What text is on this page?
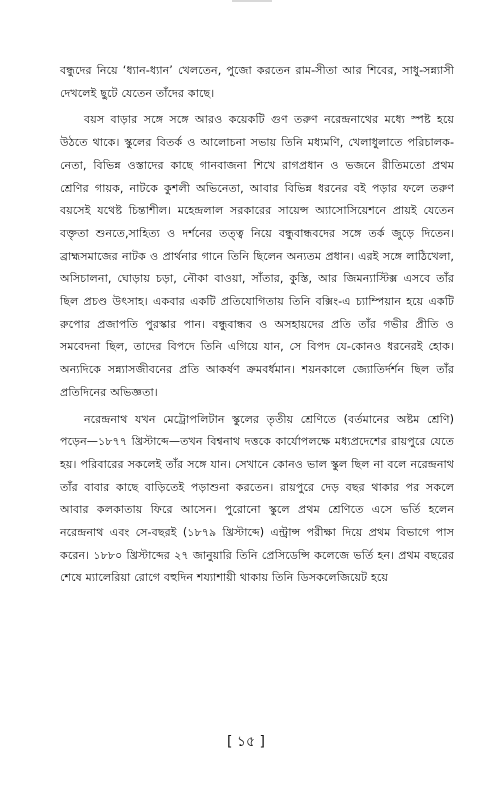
বন্ধুদের নিয়ে ‘ধ্যান-ধ্যান’ খেলতেন, পুজো করতেন রাম-সীতা আর শিবের, সাধু-সন্ন্যাসী দেখলেই ছুটে যেতেন তাঁদের কাছে।

বয়স বাড়ার সঙ্গে সঙ্গে আরও কয়েকটি গুণ তরুণ নরেন্দ্রনাথের মধ্যে স্পষ্ট হয়ে উঠতে থাকে। স্কুলের বিতর্ক ও আলোচনা সভায় তিনি মধ্যমণি, খেলাধুলাতে পরিচালক-নেতা, বিভিন্ন ওস্তাদের কাছে গানবাজনা শিখে রাগপ্রধান ও ভজনে রীতিমতো প্রথম শ্রেণির গায়ক, নাটকে কুশলী অভিনেতা, আবার বিভিন্ন ধরনের বই পড়ার ফলে তরুণ বয়সেই যথেষ্ট চিন্তাশীল। মহেন্দ্রলাল সরকারের সায়েন্স অ্যাসোসিয়েশনে প্রায়ই যেতেন বক্তৃতা শুনতে,সাহিত্য ও দর্শনের তত্ত্ব নিয়ে বন্ধুবান্ধবদের সঙ্গে তর্ক জুড়ে দিতেন। ব্রাহ্মসমাজের নাটক ও প্রার্থনার গানে তিনি ছিলেন অন্যতম প্রধান। এরই সঙ্গে লাঠিখেলা, অসিচালনা, ঘোড়ায় চড়া, নৌকা বাওয়া, সাঁতার, কুস্তি, আর জিমন্যাস্টিক্স এসবে তাঁর ছিল প্রচণ্ড উৎসাহ। একবার একটি প্রতিযোগিতায় তিনি বক্সিং-এ চ্যাম্পিয়ান হয়ে একটি রুপোর প্রজাপতি পুরস্কার পান। বন্ধুবান্ধব ও অসহায়দের প্রতি তাঁর গভীর প্রীতি ও সমবেদনা ছিল, তাদের বিপদে তিনি এগিয়ে যান, সে বিপদ যে-কোনও ধরনেরই হোক। অন্যদিকে সন্ন্যাসজীবনের প্রতি আকর্ষণ ক্রমবর্ধমান। শয়নকালে জ্যোতির্দর্শন ছিল তাঁর প্রতিদিনের অভিজ্ঞতা।

নরেন্দ্রনাথ যখন মেট্রোপলিটান স্কুলের তৃতীয় শ্রেণিতে (বর্তমানের অষ্টম শ্রেণি) পড়েন—১৮৭৭ খ্রিস্টাব্দে—তখন বিশ্বনাথ দত্তকে কার্যোপলক্ষে মধ্যপ্রদেশের রায়পুরে যেতে হয়। পরিবারের সকলেই তাঁর সঙ্গে যান। সেখানে কোনও ভাল স্কুল ছিল না বলে নরেন্দ্রনাথ তাঁর বাবার কাছে বাড়িতেই পড়াশুনা করতেন। রায়পুরে দেড় বছর থাকার পর সকলে আবার কলকাতায় ফিরে আসেন। পুরোনো স্কুলে প্রথম শ্রেণিতে এসে ভর্তি হলেন নরেন্দ্রনাথ এবং সে-বছরই (১৮৭৯ খ্রিস্টাব্দে) এন্ট্রান্স পরীক্ষা দিয়ে প্রথম বিভাগে পাস করেন। ১৮৮০ খ্রিস্টাব্দের ২৭ জানুয়ারি তিনি প্রেসিডেন্সি কলেজে ভর্তি হন। প্রথম বছরের শেষে ম্যালেরিয়া রোগে বহুদিন শয্যাশায়ী থাকায় তিনি ডিসকলেজিয়েট হয়ে

[ ১৫ ]
